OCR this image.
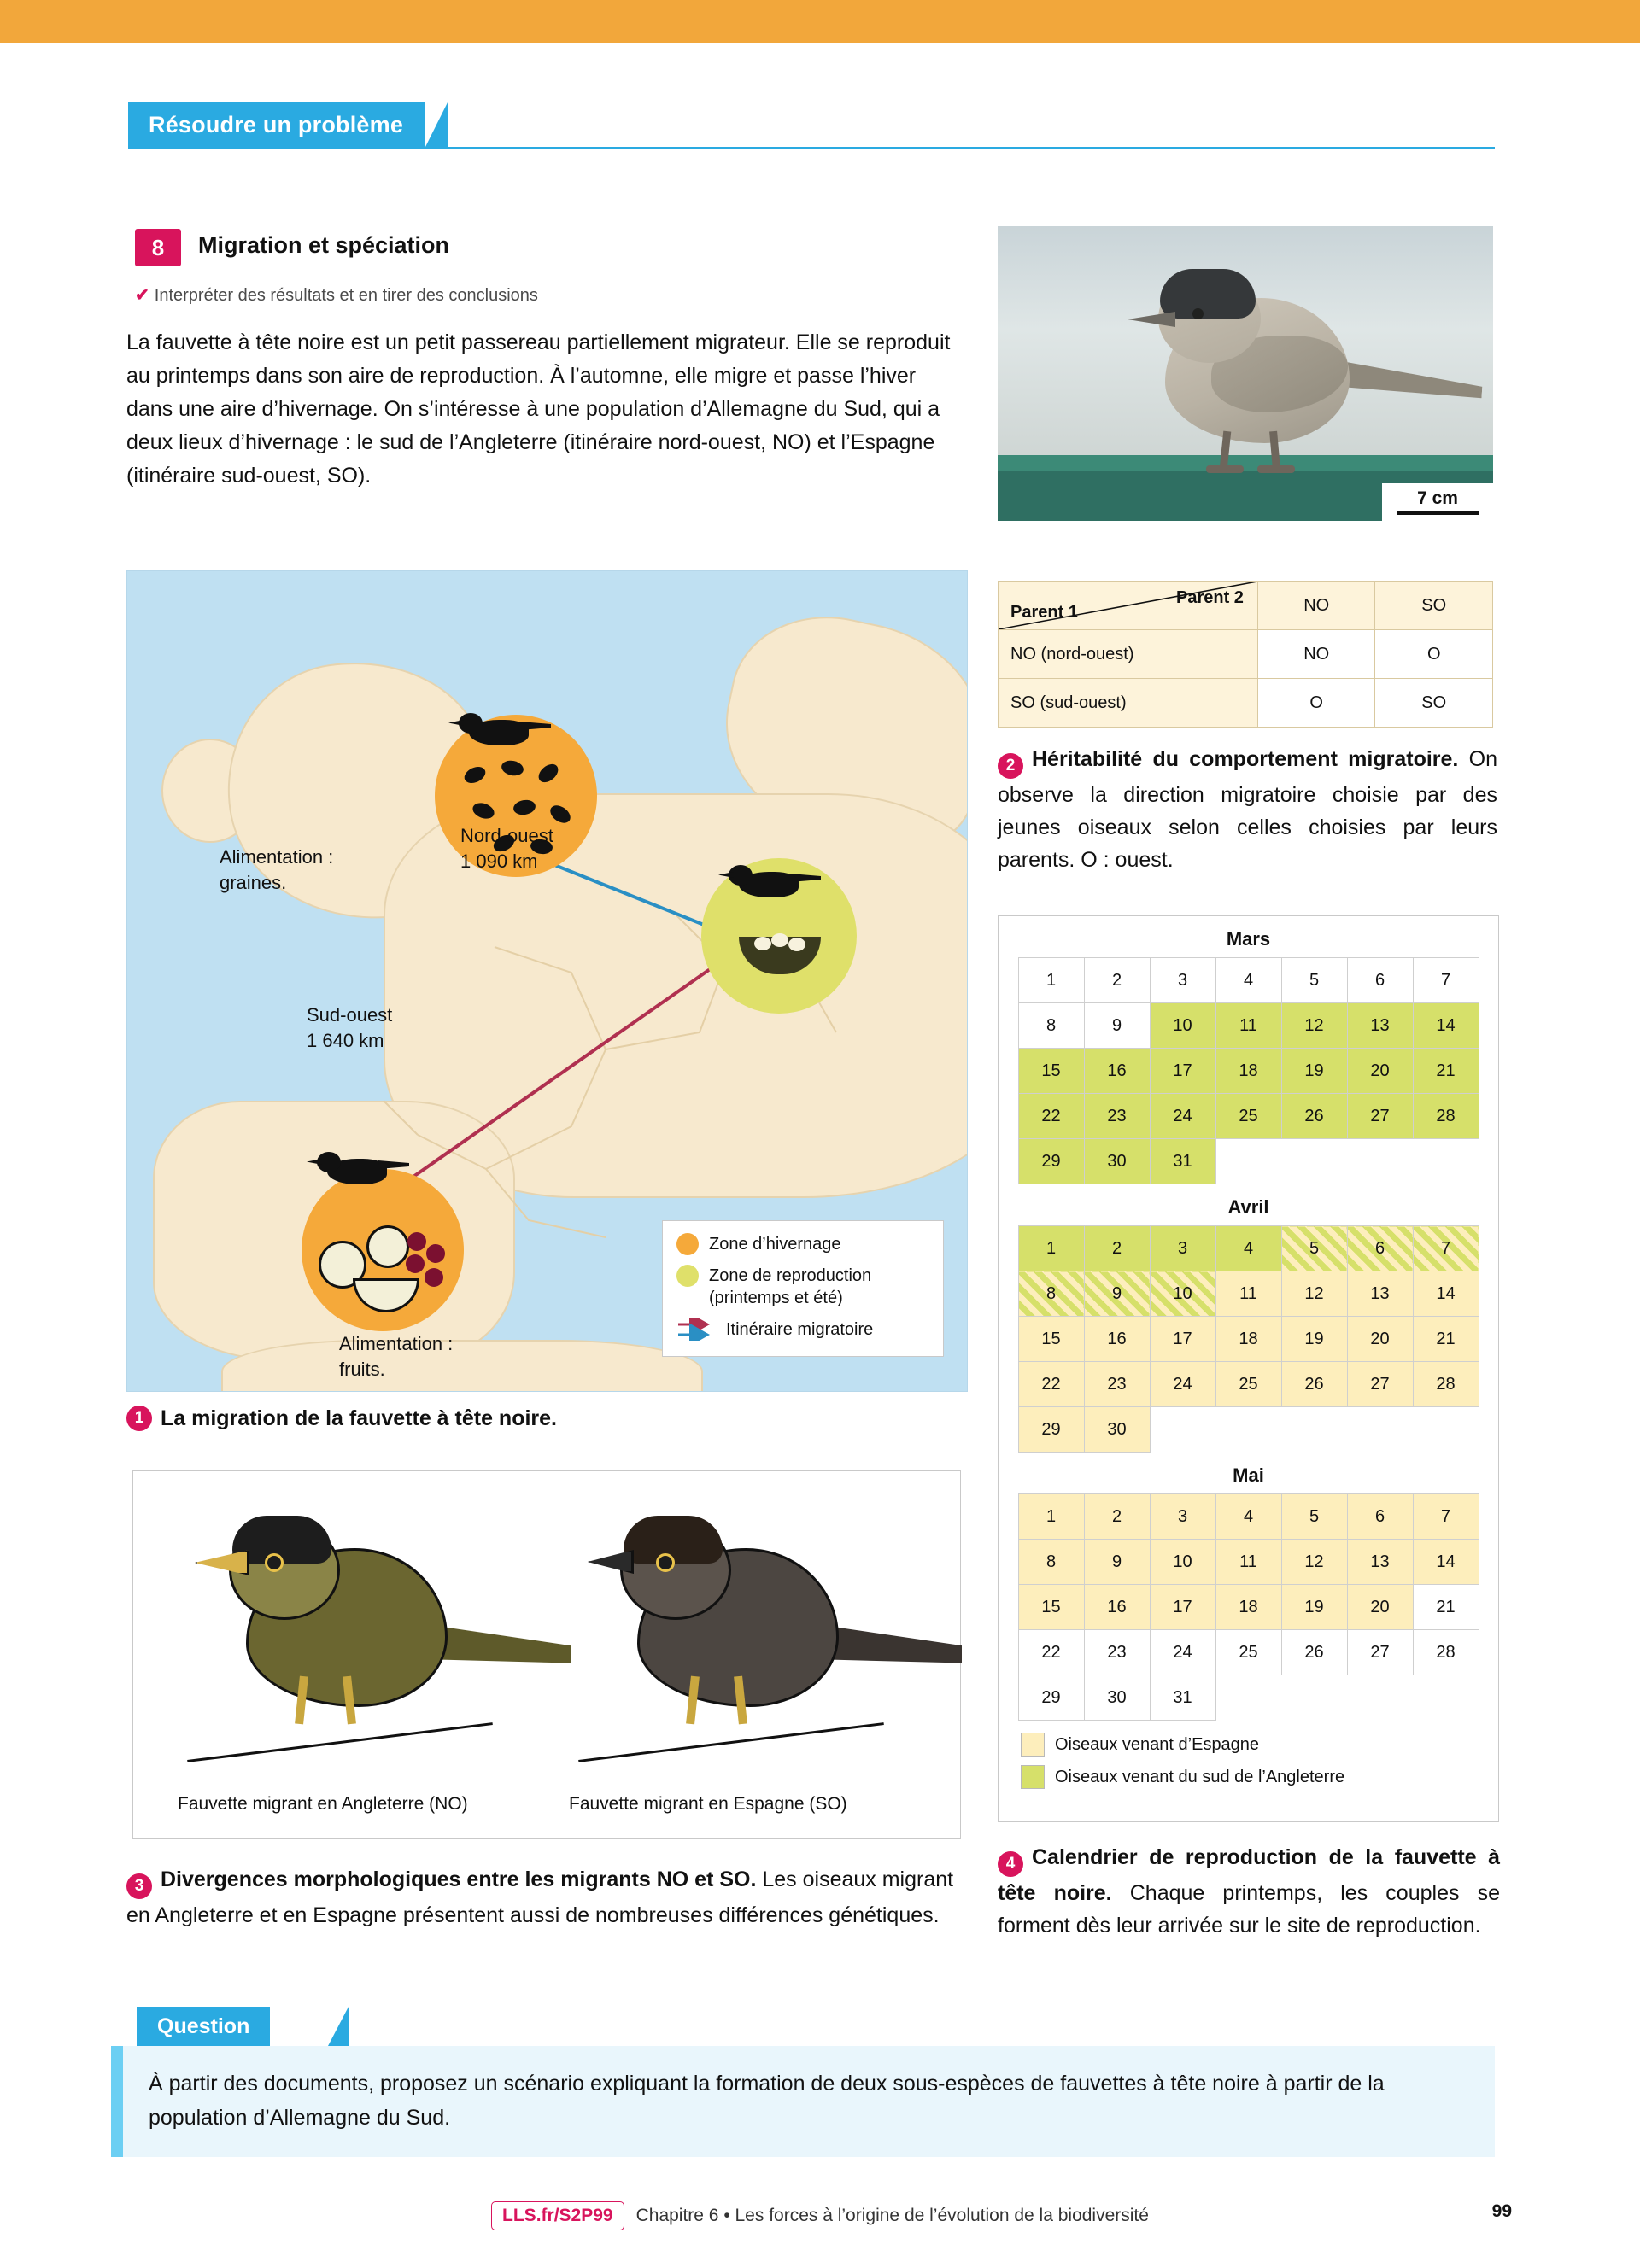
Résoudre un problème
8	Migration et spéciation
✔ Interpréter des résultats et en tirer des conclusions
La fauvette à tête noire est un petit passereau partiellement migrateur. Elle se reproduit au printemps dans son aire de reproduction. À l’automne, elle migre et passe l’hiver dans une aire d’hivernage. On s’intéresse à une population d’Allemagne du Sud, qui a deux lieux d’hivernage : le sud de l’Angleterre (itinéraire nord-ouest, NO) et l’Espagne (itinéraire sud-ouest, SO).
7 cm
Alimentation :
graines.
Nord-ouest
1 090 km
Sud-ouest
1 640 km
Alimentation :
fruits.
Zone d’hivernage
Zone de reproduction (printemps et été)
Itinéraire migratoire
1 La migration de la fauvette à tête noire.
Fauvette migrant en Angleterre (NO)	Fauvette migrant en Espagne (SO)
3 Divergences morphologiques entre les migrants NO et SO. Les oiseaux migrant en Angleterre et en Espagne présentent aussi de nombreuses différences génétiques.
Parent 2
Parent 1	NO	SO
NO (nord-ouest)	NO	O
SO (sud-ouest)	O	SO
2 Héritabilité du comportement migratoire. On observe la direction migratoire choisie par des jeunes oiseaux selon celles choisies par leurs parents. O : ouest.
Mars
1	2	3	4	5	6	7
8	9	10	11	12	13	14
15	16	17	18	19	20	21
22	23	24	25	26	27	28
29	30	31				
Avril
1	2	3	4	5	6	7
8	9	10	11	12	13	14
15	16	17	18	19	20	21
22	23	24	25	26	27	28
29	30					
Mai
1	2	3	4	5	6	7
8	9	10	11	12	13	14
15	16	17	18	19	20	21
22	23	24	25	26	27	28
29	30	31				
Oiseaux venant d’Espagne
Oiseaux venant du sud de l’Angleterre
4 Calendrier de reproduction de la fauvette à tête noire. Chaque printemps, les couples se forment dès leur arrivée sur le site de reproduction.
Question

À partir des documents, proposez un scénario expliquant la formation de deux sous-espèces de fauvettes à tête noire à partir de la population d’Allemagne du Sud.

LLS.fr/S2P99	Chapitre 6 • Les forces à l’origine de l’évolution de la biodiversité	99
